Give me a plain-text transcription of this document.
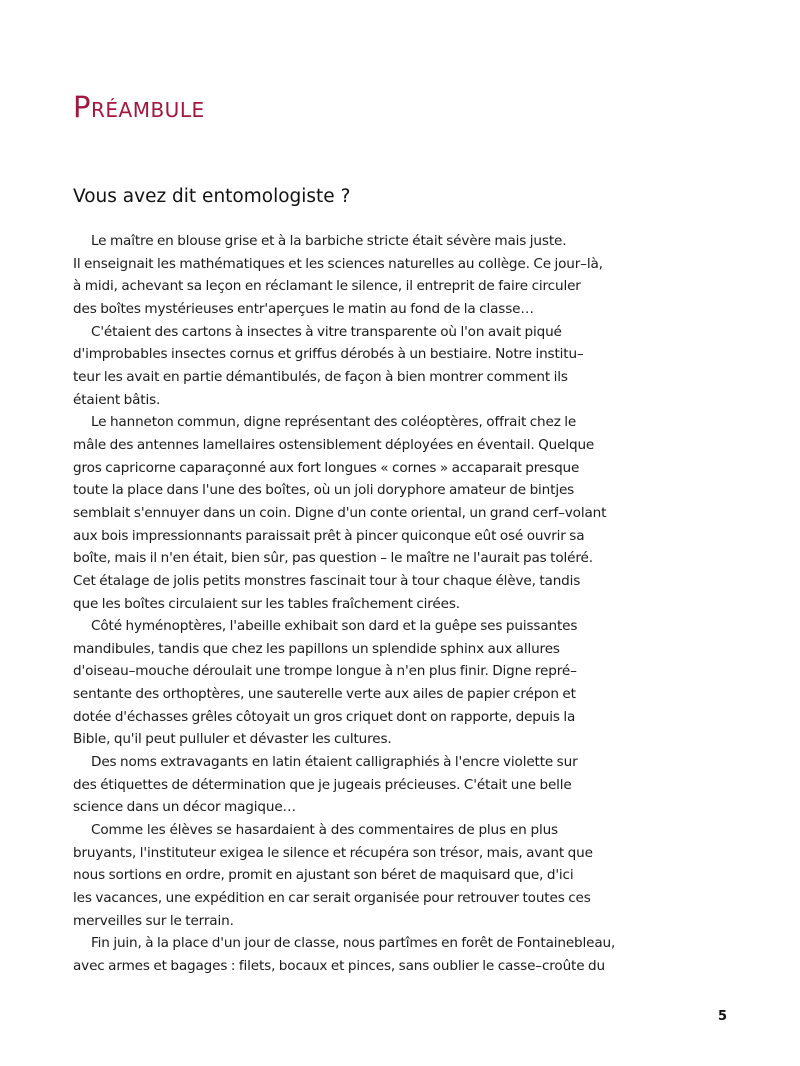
Préambule
Vous avez dit entomologiste ?
Le maître en blouse grise et à la barbiche stricte était sévère mais juste.
Il enseignait les mathématiques et les sciences naturelles au collège. Ce jour–là,
à midi, achevant sa leçon en réclamant le silence, il entreprit de faire circuler
des boîtes mystérieuses entr'aperçues le matin au fond de la classe…
C'étaient des cartons à insectes à vitre transparente où l'on avait piqué
d'improbables insectes cornus et griffus dérobés à un bestiaire. Notre institu–
teur les avait en partie démantibulés, de façon à bien montrer comment ils
étaient bâtis.
Le hanneton commun, digne représentant des coléoptères, offrait chez le
mâle des antennes lamellaires ostensiblement déployées en éventail. Quelque
gros capricorne caparaçonné aux fort longues « cornes » accaparait presque
toute la place dans l'une des boîtes, où un joli doryphore amateur de bintjes
semblait s'ennuyer dans un coin. Digne d'un conte oriental, un grand cerf–volant
aux bois impressionnants paraissait prêt à pincer quiconque eût osé ouvrir sa
boîte, mais il n'en était, bien sûr, pas question – le maître ne l'aurait pas toléré.
Cet étalage de jolis petits monstres fascinait tour à tour chaque élève, tandis
que les boîtes circulaient sur les tables fraîchement cirées.
Côté hyménoptères, l'abeille exhibait son dard et la guêpe ses puissantes
mandibules, tandis que chez les papillons un splendide sphinx aux allures
d'oiseau–mouche déroulait une trompe longue à n'en plus finir. Digne repré–
sentante des orthoptères, une sauterelle verte aux ailes de papier crépon et
dotée d'échasses grêles côtoyait un gros criquet dont on rapporte, depuis la
Bible, qu'il peut pulluler et dévaster les cultures.
Des noms extravagants en latin étaient calligraphiés à l'encre violette sur
des étiquettes de détermination que je jugeais précieuses. C'était une belle
science dans un décor magique…
Comme les élèves se hasardaient à des commentaires de plus en plus
bruyants, l'instituteur exigea le silence et récupéra son trésor, mais, avant que
nous sortions en ordre, promit en ajustant son béret de maquisard que, d'ici
les vacances, une expédition en car serait organisée pour retrouver toutes ces
merveilles sur le terrain.
Fin juin, à la place d'un jour de classe, nous partîmes en forêt de Fontainebleau,
avec armes et bagages : filets, bocaux et pinces, sans oublier le casse–croûte du
5
